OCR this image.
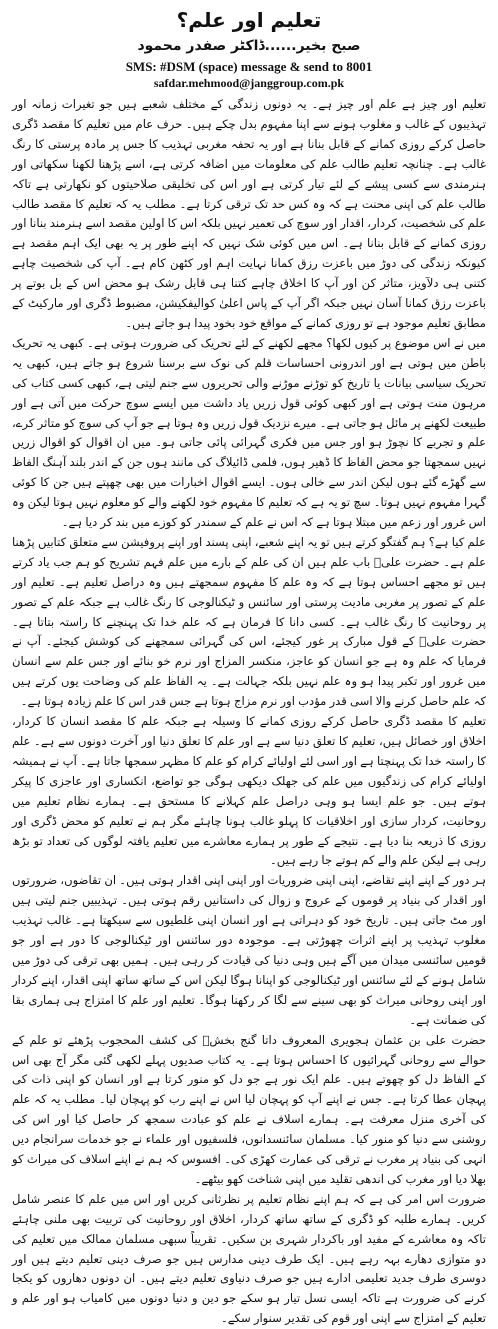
تعلیم اور علم؟

صبح بخیر......ڈاکٹر صفدر محمود

SMS: #DSM (space) message & send to 8001

safdar.mehmood@janggroup.com.pk

تعلیم اور چیز ہے علم اور چیز ہے۔ یہ دونوں زندگی کے مختلف شعبے ہیں جو تغیرات زمانہ اور تہذیبوں کے غالب و مغلوب ہونے سے اپنا مفہوم بدل چکے ہیں۔ حرف عام میں تعلیم کا مقصد ڈگری حاصل کرکے روزی کمانے کے قابل بنانا ہے اور یہ تحفہ مغربی تہذیب کا جس پر مادہ پرستی کا رنگ غالب ہے۔ چنانچہ تعلیم طالب علم کی معلومات میں اضافہ کرتی ہے، اسے پڑھنا لکھنا سکھاتی اور ہنرمندی سے کسی پیشے کے لئے تیار کرتی ہے اور اس کی تخلیقی صلاحیتوں کو نکھارتی ہے تاکہ طالب علم کی اپنی محنت ہے کہ وہ کس حد تک ترقی کرتا ہے۔ مطلب یہ کہ تعلیم کا مقصد طالب علم کی شخصیت، کردار، اقدار اور سوچ کی تعمیر نہیں بلکہ اس کا اولین مقصد اسے ہنرمند بنانا اور روزی کمانے کے قابل بنانا ہے۔ اس میں کوئی شک نہیں کہ اپنے طور پر یہ بھی ایک اہم مقصد ہے کیونکہ زندگی کی دوڑ میں باعزت رزق کمانا نہایت اہم اور کٹھن کام ہے۔ آپ کی شخصیت چاہے کتنی ہی دلآویز، متاثر کن اور آپ کا اخلاق چاہے کتنا ہی قابل رشک ہو محض اس کے بل بوتے پر باعزت رزق کمانا آسان نہیں جبکہ اگر آپ کے پاس اعلیٰ کوالیفکیشن، مضبوط ڈگری اور مارکیٹ کے مطابق تعلیم موجود ہے تو روزی کمانے کے مواقع خود بخود پیدا ہو جاتے ہیں۔

میں نے اس موضوع پر کیوں لکھا؟ مجھے لکھنے کے لئے تحریک کی ضرورت ہوتی ہے۔ کبھی یہ تحریک باطن میں ہوتی ہے اور اندرونی احساسات قلم کی نوک سے برسنا شروع ہو جاتے ہیں، کبھی یہ تحریک سیاسی بیانات یا تاریخ کو توڑنے موڑنے والی تحریروں سے جنم لیتی ہے، کبھی کسی کتاب کی مرہون منت ہوتی ہے اور کبھی کوئی قول زریں یاد داشت میں ایسے سوچ حرکت میں آتی ہے اور طبیعت لکھنے پر مائل ہو جاتی ہے۔ میرے نزدیک قول زریں وہ ہوتا ہے جو آپ کی سوچ کو متاثر کرے، علم و تجربے کا نچوڑ ہو اور جس میں فکری گہرائی پائی جاتی ہو۔ میں ان اقوال کو اقوال زریں نہیں سمجھتا جو محض الفاظ کا ڈھیر ہوں، فلمی ڈائیلاگ کی مانند ہوں جن کے اندر بلند آہنگ الفاظ سے گھڑے گئے ہوں لیکن اندر سے خالی ہوں۔ ایسے اقوال اخبارات میں بھی چھپتے ہیں جن کا کوئی گہرا مفہوم نہیں ہوتا۔ سچ تو یہ ہے کہ تعلیم کا مفہوم خود لکھنے والے کو معلوم نہیں ہوتا لیکن وہ اس غرور اور زعم میں مبتلا ہوتا ہے کہ اس نے علم کے سمندر کو کوزے میں بند کر دیا ہے۔

علم کیا ہے؟ ہم گفتگو کرتے ہیں تو یہ اپنے شعبے، اپنی پسند اور اپنے پروفیشن سے متعلق کتابیں پڑھنا علم ہے۔ حضرت علیؓ باب علم ہیں ان کی علم کے بارے میں علم فہم تشریح کو ہم جب یاد کرتے ہیں تو مجھے احساس ہوتا ہے کہ وہ علم کا مفہوم سمجھتے ہیں وہ دراصل تعلیم ہے۔ تعلیم اور علم کے تصور پر مغربی مادیت پرستی اور سائنس و ٹیکنالوجی کا رنگ غالب ہے جبکہ علم کے تصور پر روحانیت کا رنگ غالب ہے۔ کسی دانا کا فرمان ہے کہ علم خدا تک پہنچنے کا راستہ بتاتا ہے۔ حضرت علیؓ کے قول مبارک پر غور کیجئے، اس کی گہرائی سمجھنے کی کوشش کیجئے۔ آپ نے فرمایا کہ علم وہ ہے جو انسان کو عاجز، منکسر المزاج اور نرم خو بنائے اور جس علم سے انسان میں غرور اور تکبر پیدا ہو وہ علم نہیں بلکہ جہالت ہے۔ یہ الفاظ علم کی وضاحت یوں کرتے ہیں کہ علم حاصل کرنے والا اسی قدر مؤدب اور نرم مزاج ہوتا ہے جس قدر اس کا علم زیادہ ہوتا ہے۔

تعلیم کا مقصد ڈگری حاصل کرکے روزی کمانے کا وسیلہ ہے جبکہ علم کا مقصد انسان کا کردار، اخلاق اور خصائل ہیں، تعلیم کا تعلق دنیا سے ہے اور علم کا تعلق دنیا اور آخرت دونوں سے ہے۔ علم کا راستہ خدا تک پہنچتا ہے اور اسی لئے اولیائے کرام کو علم کا مظہر سمجھا جاتا ہے۔ آپ نے ہمیشہ اولیائے کرام کی زندگیوں میں علم کی جھلک دیکھی ہوگی جو تواضع، انکساری اور عاجزی کا پیکر ہوتے ہیں۔ جو علم ایسا ہو وہی دراصل علم کہلانے کا مستحق ہے۔ ہمارے نظام تعلیم میں روحانیت، کردار سازی اور اخلاقیات کا پہلو غالب ہونا چاہئے مگر ہم نے تعلیم کو محض ڈگری اور روزی کا ذریعہ بنا دیا ہے۔ نتیجے کے طور پر ہمارے معاشرے میں تعلیم یافتہ لوگوں کی تعداد تو بڑھ رہی ہے لیکن علم والے کم ہوتے جا رہے ہیں۔

ہر دور کے اپنے اپنے تقاضے، اپنی اپنی ضروریات اور اپنی اپنی اقدار ہوتی ہیں۔ ان تقاضوں، ضرورتوں اور اقدار کی بنیاد پر قوموں کے عروج و زوال کی داستانیں رقم ہوتی ہیں۔ تہذیبیں جنم لیتی ہیں اور مٹ جاتی ہیں۔ تاریخ خود کو دہراتی ہے اور انسان اپنی غلطیوں سے سیکھتا ہے۔ غالب تہذیب مغلوب تہذیب پر اپنے اثرات چھوڑتی ہے۔ موجودہ دور سائنس اور ٹیکنالوجی کا دور ہے اور جو قومیں سائنسی میدان میں آگے ہیں وہی دنیا کی قیادت کر رہی ہیں۔ ہمیں بھی ترقی کی دوڑ میں شامل ہونے کے لئے سائنس اور ٹیکنالوجی کو اپنانا ہوگا لیکن اس کے ساتھ ساتھ اپنی اقدار، اپنے کردار اور اپنی روحانی میراث کو بھی سینے سے لگا کر رکھنا ہوگا۔ تعلیم اور علم کا امتزاج ہی ہماری بقا کی ضمانت ہے۔

حضرت علی بن عثمان ہجویری المعروف داتا گنج بخشؒ کی کشف المحجوب پڑھئے تو علم کے حوالے سے روحانی گہرائیوں کا احساس ہوتا ہے۔ یہ کتاب صدیوں پہلے لکھی گئی مگر آج بھی اس کے الفاظ دل کو چھوتے ہیں۔ علم ایک نور ہے جو دل کو منور کرتا ہے اور انسان کو اپنی ذات کی پہچان عطا کرتا ہے۔ جس نے اپنے آپ کو پہچان لیا اس نے اپنے رب کو پہچان لیا۔ مطلب یہ کہ علم کی آخری منزل معرفت ہے۔ ہمارے اسلاف نے علم کو عبادت سمجھ کر حاصل کیا اور اس کی روشنی سے دنیا کو منور کیا۔ مسلمان سائنسدانوں، فلسفیوں اور علماء نے جو خدمات سرانجام دیں انہی کی بنیاد پر مغرب نے ترقی کی عمارت کھڑی کی۔ افسوس کہ ہم نے اپنے اسلاف کی میراث کو بھلا دیا اور مغرب کی اندھی تقلید میں اپنی شناخت کھو بیٹھے۔

ضرورت اس امر کی ہے کہ ہم اپنے نظام تعلیم پر نظرثانی کریں اور اس میں علم کا عنصر شامل کریں۔ ہمارے طلبہ کو ڈگری کے ساتھ ساتھ کردار، اخلاق اور روحانیت کی تربیت بھی ملنی چاہئے تاکہ وہ معاشرے کے مفید اور باکردار شہری بن سکیں۔ تقریباً سبھی مسلمان ممالک میں تعلیم کی دو متوازی دھارے بہہ رہے ہیں۔ ایک طرف دینی مدارس ہیں جو صرف دینی تعلیم دیتے ہیں اور دوسری طرف جدید تعلیمی ادارے ہیں جو صرف دنیاوی تعلیم دیتے ہیں۔ ان دونوں دھاروں کو یکجا کرنے کی ضرورت ہے تاکہ ایسی نسل تیار ہو سکے جو دین و دنیا دونوں میں کامیاب ہو اور علم و تعلیم کے امتزاج سے اپنی اور قوم کی تقدیر سنوار سکے۔
